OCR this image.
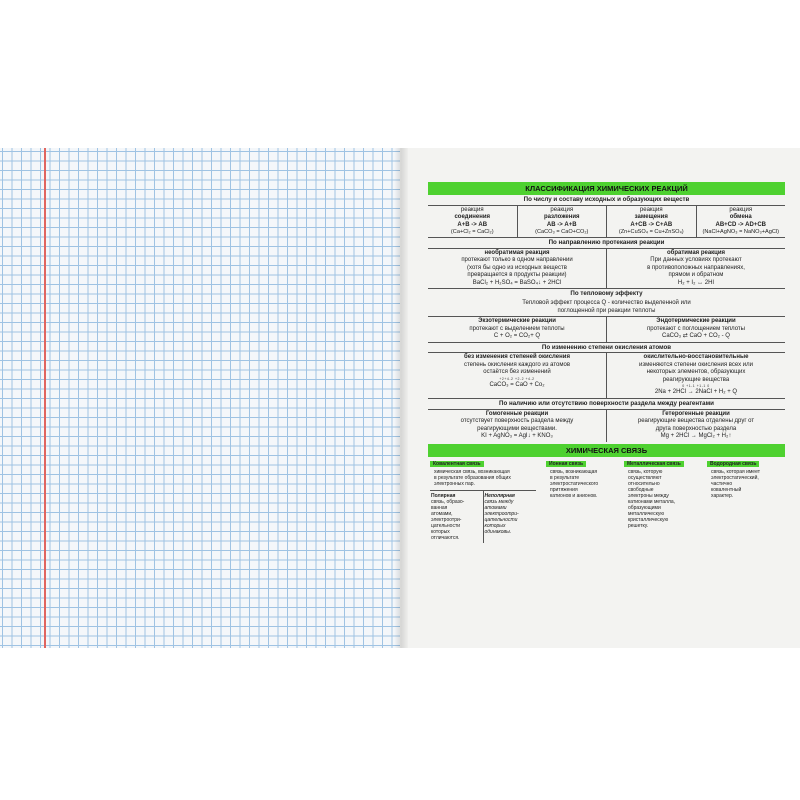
КЛАССИФИКАЦИЯ ХИМИЧЕСКИХ РЕАКЦИЙ
По числу и составу исходных и образующих веществ
реакция
соединения
А+В -> АВ
(Са+Cl₂ = CaCl₂)
реакция
разложения
АВ -> А+В
(CaCO₃ = CaO+CO₂)
реакция
замещения
А+СВ -> С+АВ
(Zn+CuSO₄ = Cu+ZnSO₄)
реакция
обмена
АВ+СD -> АD+СВ
(NaCl+AgNO₃ = NaNO₃+AgCl)
По направлению протекания реакции
необратимая реакция
протекают только в одном направлении
(хотя бы одно из исходных веществ
превращается в продукты реакции)
BaCl₂ + H₂SO₄ = BaSO₄↓ + 2HCl
обратимая реакция
При данных условиях протекают
в противоположных направлениях,
прямом и обратном
H₂ + I₂ ↔ 2HI
По тепловому эффекту
Тепловой эффект процесса Q - количество выделенной или
поглощенной при реакции теплоты
Экзотермические реакции
протекают с выделением теплоты
C + O₂ = CO₂+ Q
Эндотермические реакции
протекают с поглощением теплоты
CaCO₃ ⇄ CaO + CO₂ - Q
По изменению степени окисления атомов
без изменения степеней окисления
степень окисления каждого из атомов
остаётся без изменений
+2+4-2 +2-2 +4-2
CaCO₃ = CaO + Co₂
окислительно-восстановительные
изменяются степени окисления всех или
некоторых элементов, образующих
реагирующие вещества
0 +1-1 +1-1 0
2Na + 2HCl → 2NaCl + H₂ + Q
По наличию или отсутствию поверхности раздела между реагентами
Гомогенные реакции
отсутствует поверхность раздела между
реагирующими веществами.
KI + AgNO₃ = AgI↓ + KNO₃
Гетерогенные реакции
реагирующие вещества отделены друг от
друга поверхностью раздела
Mg + 2HCl → MgCl₂ + H₂↑
ХИМИЧЕСКАЯ СВЯЗЬ
Ковалентная связь
химическая связь, возникающая
в результате образования общих
электронных пар.
Полярная
связь, образо-
ванная
атомами,
электроотри-
цательности
которых
отличаются.
Неполярная
связь между
атомами
электроотри-
цательности
которых
одинаковы.
Ионная связь
связь, возникающая
в результате
электростатического
притяжения
катионов и анионов.
Металлическая связь
связь, которую
осуществляют
относительно
свободные
электроны между
катионами металла,
образующими
металлическую
кристаллическую
решетку.
Водородная связь
связь, которая имеет
электростатический,
частично
ковалентный
характер.
